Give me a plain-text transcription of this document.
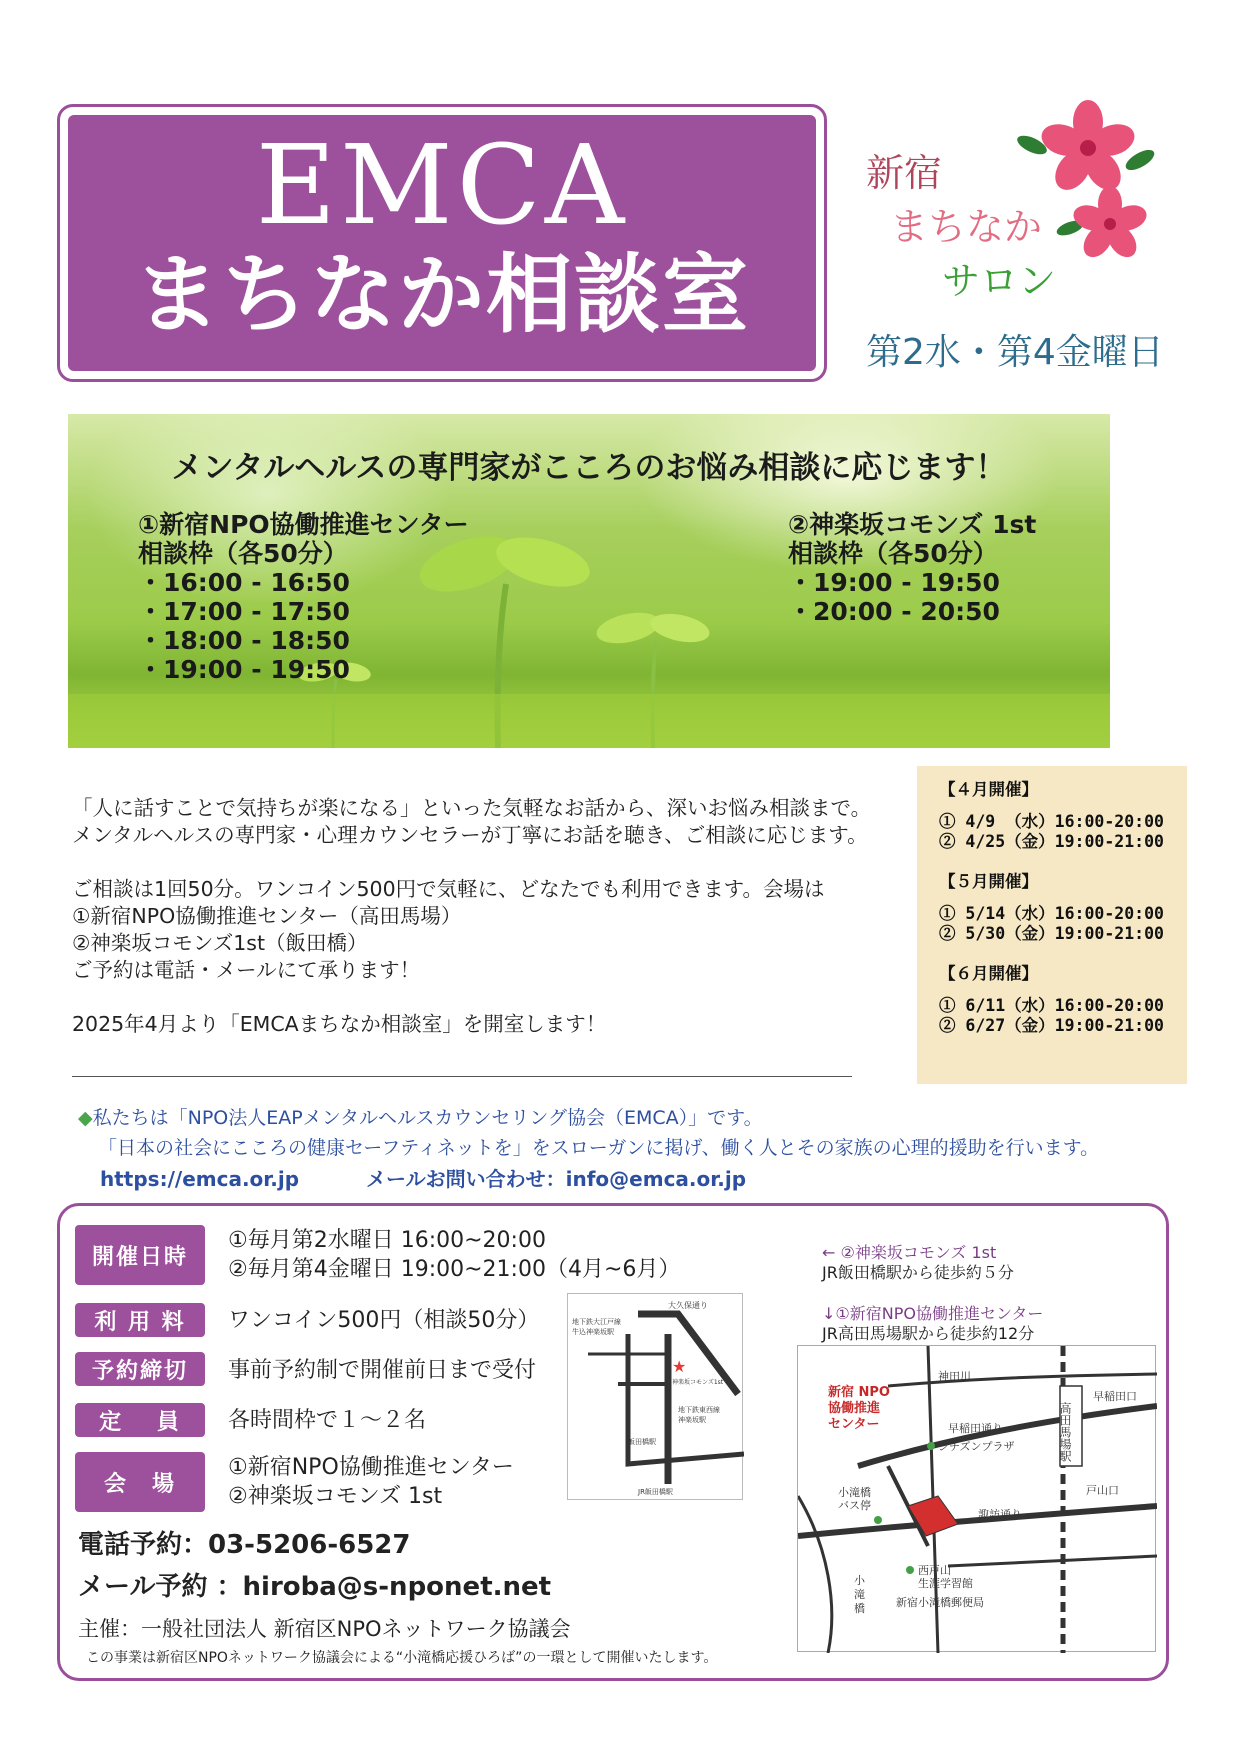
EMCA
まちなか相談室
新宿
まちなか
サロン
第2水・第4金曜日
メンタルヘルスの専門家がこころのお悩み相談に応じます！
①新宿NPO協働推進センター
相談枠（各50分）
・16:00 - 16:50
・17:00 - 17:50
・18:00 - 18:50
・19:00 - 19:50
②神楽坂コモンズ 1st
相談枠（各50分）
・19:00 - 19:50
・20:00 - 20:50

「人に話すことで気持ちが楽になる」といった気軽なお話から、深いお悩み相談まで。

メンタルヘルスの専門家・心理カウンセラーが丁寧にお話を聴き、ご相談に応じます。

ご相談は1回50分。ワンコイン500円で気軽に、どなたでも利用できます。会場は

①新宿NPO協働推進センター（高田馬場）

②神楽坂コモンズ1st（飯田橋）

ご予約は電話・メールにて承ります！

2025年4月より「EMCAまちなか相談室」を開室します！

【４月開催】
① 4/9 （水）16:00-20:00
② 4/25（金）19:00-21:00
【５月開催】
① 5/14（水）16:00-20:00
② 5/30（金）19:00-21:00
【６月開催】
① 6/11（水）16:00-20:00
② 6/27（金）19:00-21:00
◆私たちは「NPO法人EAPメンタルヘルスカウンセリング協会（EMCA）」です。
「日本の社会にこころの健康セーフティネットを」をスローガンに掲げ、働く人とその家族の心理的援助を行います。
https://emca.or.jp	メールお問い合わせ：info@emca.or.jp
開催日時
①毎月第2水曜日 16:00~20:00
②毎月第4金曜日 19:00~21:00（4月~6月）
利 用 料	ワンコイン500円（相談50分）
予約締切	事前予約制で開催前日まで受付
定　 員	各時間枠で１～２名
会　場
①新宿NPO協働推進センター
②神楽坂コモンズ 1st
電話予約：03-5206-6527
メール予約 ：hiroba@s-nponet.net
主催：一般社団法人 新宿区NPOネットワーク協議会
この事業は新宿区NPOネットワーク協議会による“小滝橋応援ひろば”の一環として開催いたします。
← ②神楽坂コモンズ 1st
JR飯田橋駅から徒歩約５分
↓①新宿NPO協働推進センター
JR高田馬場駅から徒歩約12分
大久保通り
地下鉄大江戸線
牛込神楽坂駅
地下鉄東西線
神楽坂駅
飯田橋駅
JR飯田橋駅
★
神楽坂コモンズ1st	神田川
早稲田通り
早稲田口
諏訪通り
高田馬場駅
戸山口
新宿 NPO
協働推進
センター
シチズンプラザ
小滝橋
バス停
西戸山
生涯学習館
新宿小滝橋郵便局
小
滝
橋
